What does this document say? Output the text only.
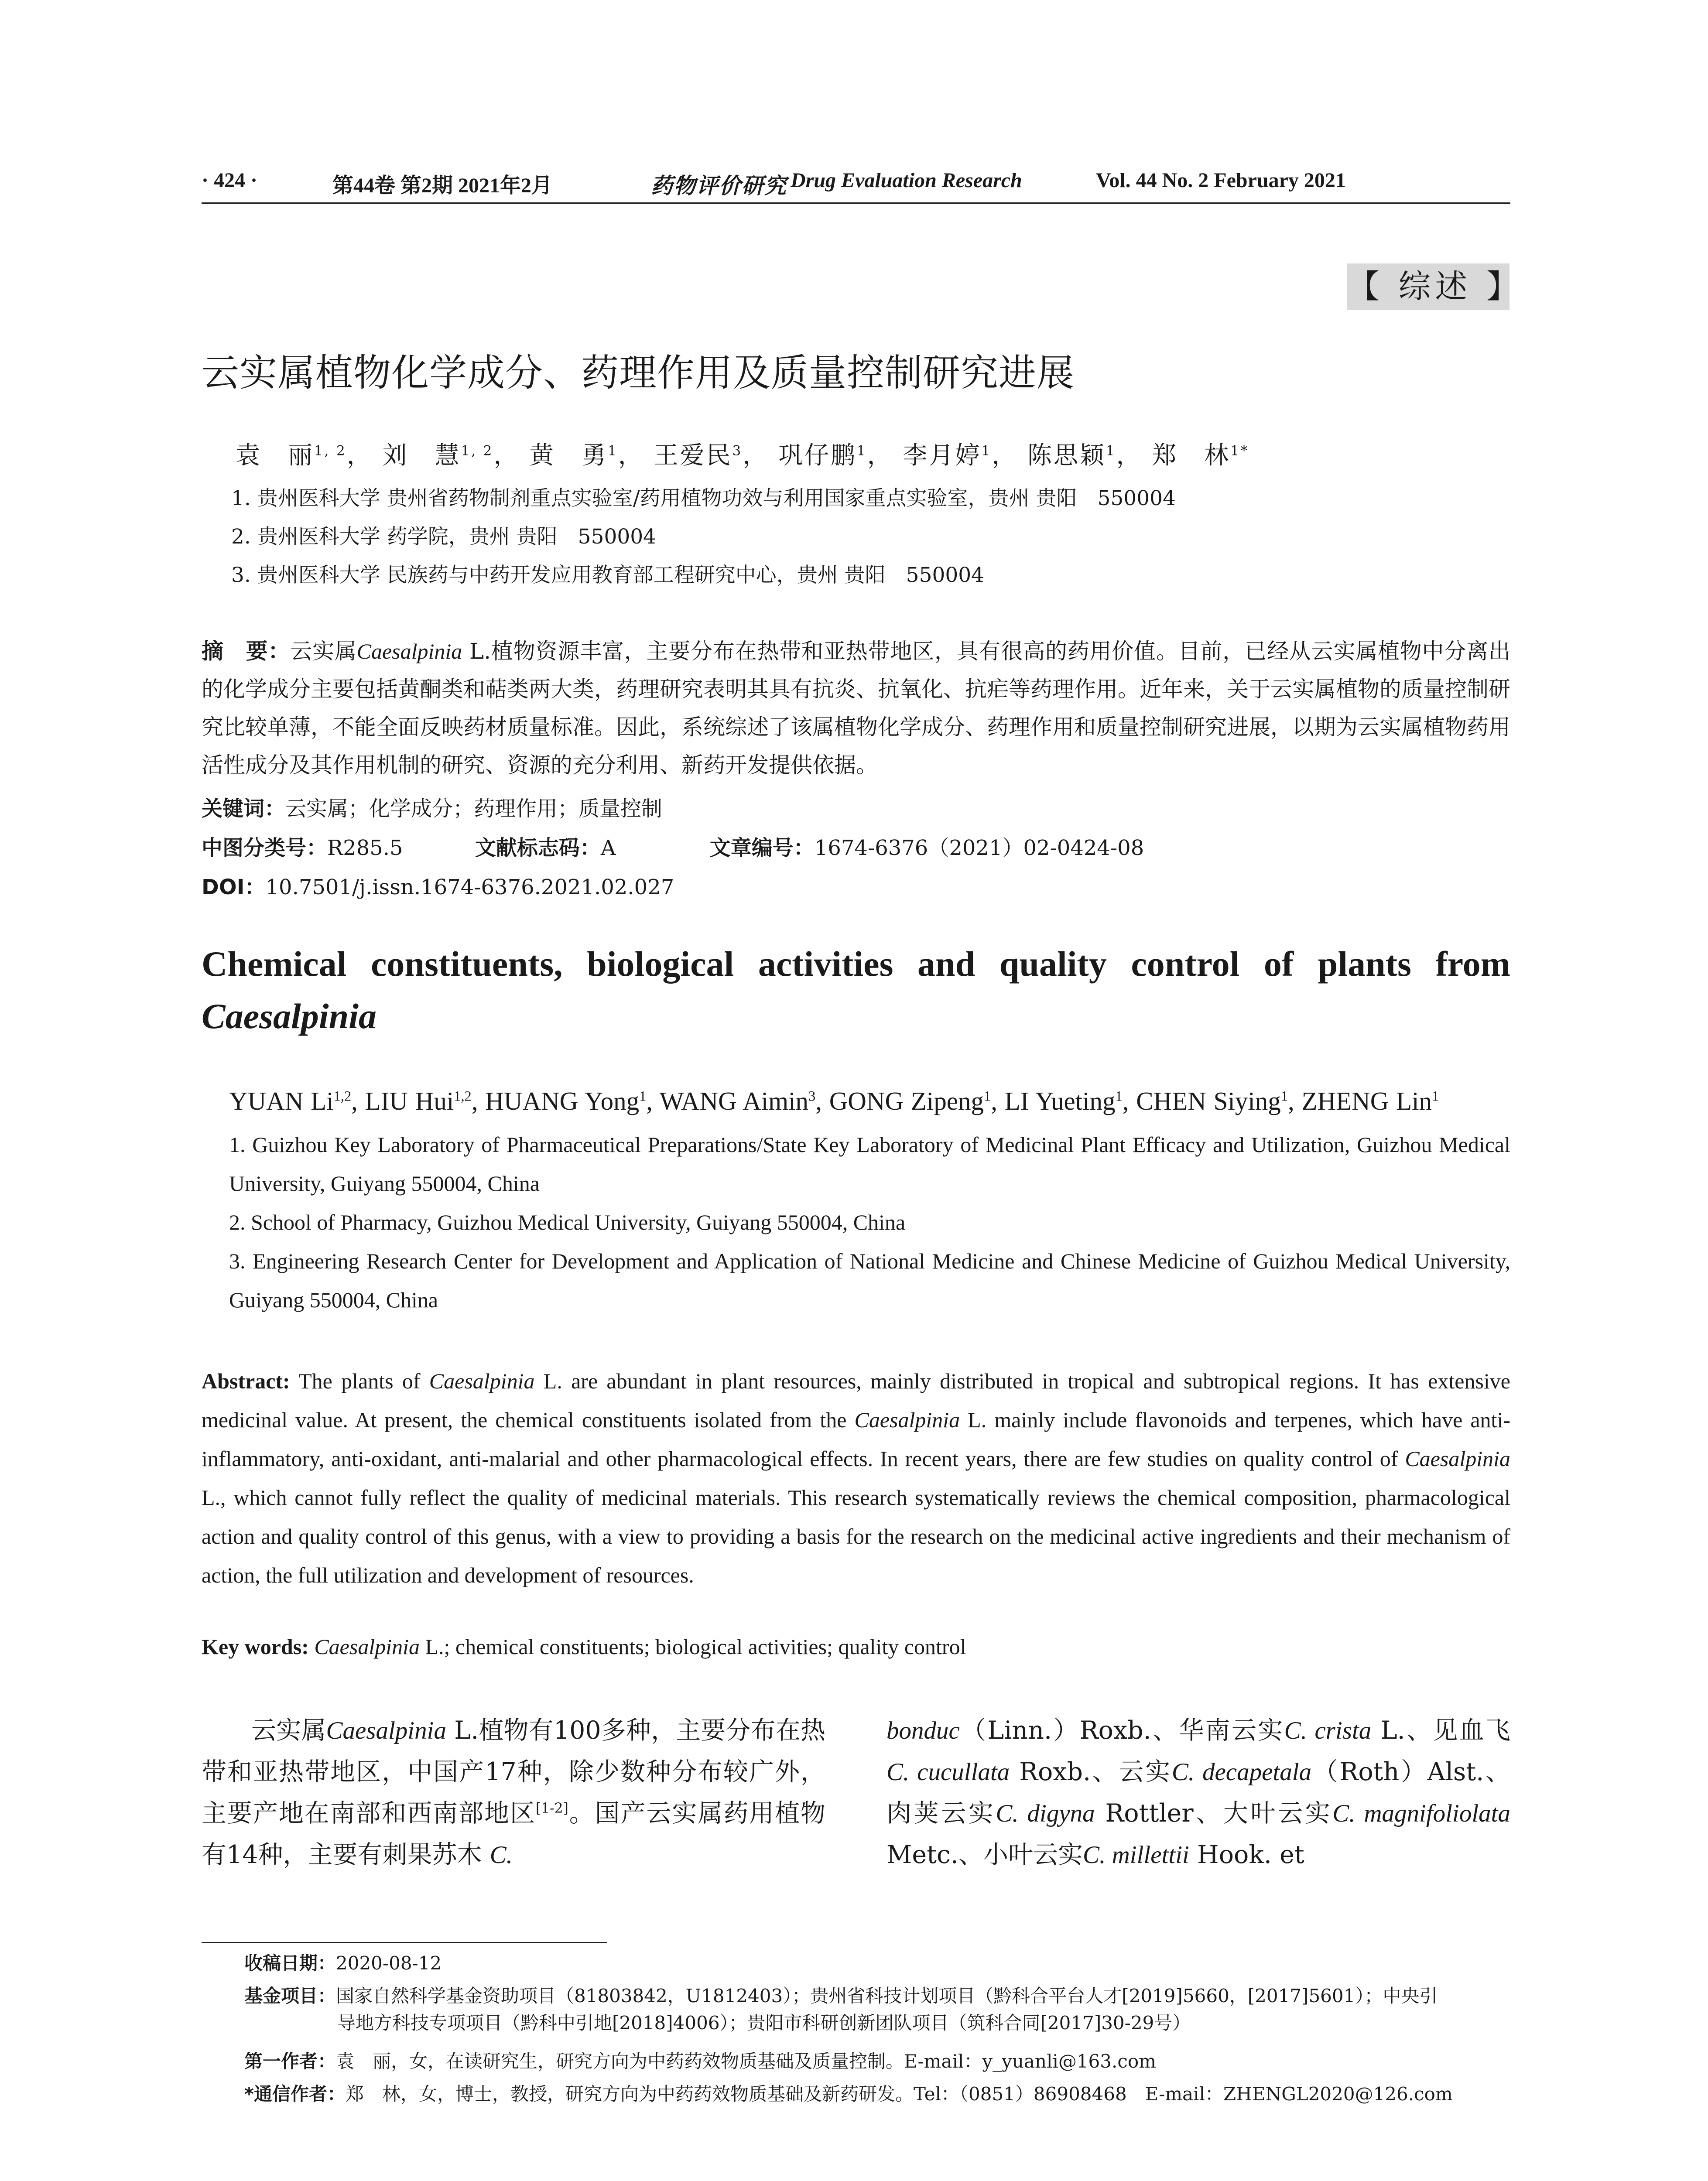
· 424 ·	第44卷 第2期 2021年2月	药物评价研究 Drug Evaluation Research	Vol. 44 No. 2 February 2021
【 综述 】
云实属植物化学成分、药理作用及质量控制研究进展
袁　丽$^{1, 2}$， 刘　慧$^{1, 2}$， 黄　勇$^1$， 王爱民$^3$， 巩仔鹏$^1$， 李月婷$^1$， 陈思颖$^1$， 郑　林$^{1*}$
1. 贵州医科大学 贵州省药物制剂重点实验室/药用植物功效与利用国家重点实验室，贵州 贵阳　550004
2. 贵州医科大学 药学院，贵州 贵阳　550004
3. 贵州医科大学 民族药与中药开发应用教育部工程研究中心，贵州 贵阳　550004
摘　要：云实属Caesalpinia L.植物资源丰富，主要分布在热带和亚热带地区，具有很高的药用价值。目前，已经从云实属植物中分离出的化学成分主要包括黄酮类和萜类两大类，药理研究表明其具有抗炎、抗氧化、抗疟等药理作用。近年来，关于云实属植物的质量控制研究比较单薄，不能全面反映药材质量标准。因此，系统综述了该属植物化学成分、药理作用和质量控制研究进展，以期为云实属植物药用活性成分及其作用机制的研究、资源的充分利用、新药开发提供依据。
关键词：云实属；化学成分；药理作用；质量控制
中图分类号：R285.5	文献标志码：A	文章编号：1674-6376（2021）02-0424-08
DOI：10.7501/j.issn.1674-6376.2021.02.027
Chemical constituents, biological activities and quality control of plants from
Caesalpinia
YUAN Li$^{1,2}$, LIU Hui$^{1,2}$, HUANG Yong$^1$, WANG Aimin$^3$, GONG Zipeng$^1$, LI Yueting$^1$, CHEN Siying$^1$, ZHENG Lin$^1$
1. Guizhou Key Laboratory of Pharmaceutical Preparations/State Key Laboratory of Medicinal Plant Efficacy and Utilization, Guizhou Medical University, Guiyang 550004, China
2. School of Pharmacy, Guizhou Medical University, Guiyang 550004, China
3. Engineering Research Center for Development and Application of National Medicine and Chinese Medicine of Guizhou Medical University, Guiyang 550004, China
Abstract: The plants of Caesalpinia L. are abundant in plant resources, mainly distributed in tropical and subtropical regions. It has extensive medicinal value. At present, the chemical constituents isolated from the Caesalpinia L. mainly include flavonoids and terpenes, which have anti-inflammatory, anti-oxidant, anti-malarial and other pharmacological effects. In recent years, there are few studies on quality control of Caesalpinia L., which cannot fully reflect the quality of medicinal materials. This research systematically reviews the chemical composition, pharmacological action and quality control of this genus, with a view to providing a basis for the research on the medicinal active ingredients and their mechanism of action, the full utilization and development of resources.
Key words: Caesalpinia L.; chemical constituents; biological activities; quality control
云实属Caesalpinia L.植物有100多种，主要分布在热带和亚热带地区，中国产17种，除少数种分布较广外，主要产地在南部和西南部地区[1-2]。国产云实属药用植物有14种，主要有刺果苏木 C.
bonduc（Linn.）Roxb.、华南云实C. crista L.、见血飞 C. cucullata Roxb.、云实C. decapetala（Roth）Alst.、肉荚云实C. digyna Rottler、大叶云实C. magnifoliolata Metc.、小叶云实C. millettii Hook. et
收稿日期：2020-08-12
基金项目：国家自然科学基金资助项目（81803842，U1812403）；贵州省科技计划项目（黔科合平台人才[2019]5660，[2017]5601）；中央引
导地方科技专项项目（黔科中引地[2018]4006）；贵阳市科研创新团队项目（筑科合同[2017]30-29号）
第一作者：袁　丽，女，在读研究生，研究方向为中药药效物质基础及质量控制。E-mail：y_yuanli@163.com
*通信作者：郑　林，女，博士，教授，研究方向为中药药效物质基础及新药研发。Tel：（0851）86908468　E-mail：ZHENGL2020@126.com
